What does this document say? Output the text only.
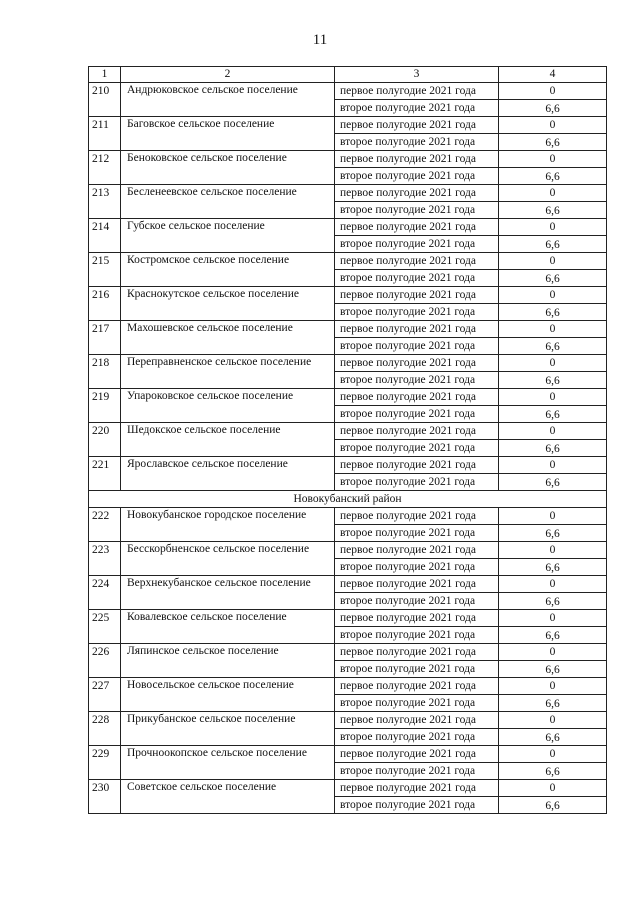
11
1	2	3	4
210	Андрюковское сельское поселение	первое полугодие 2021 года	0
		второе полугодие 2021 года	6,6
211	Баговское сельское поселение	первое полугодие 2021 года	0
		второе полугодие 2021 года	6,6
212	Беноковское сельское поселение	первое полугодие 2021 года	0
		второе полугодие 2021 года	6,6
213	Бесленеевское сельское поселение	первое полугодие 2021 года	0
		второе полугодие 2021 года	6,6
214	Губское сельское поселение	первое полугодие 2021 года	0
		второе полугодие 2021 года	6,6
215	Костромское сельское поселение	первое полугодие 2021 года	0
		второе полугодие 2021 года	6,6
216	Краснокутское сельское поселение	первое полугодие 2021 года	0
		второе полугодие 2021 года	6,6
217	Махошевское сельское поселение	первое полугодие 2021 года	0
		второе полугодие 2021 года	6,6
218	Переправненское сельское поселение	первое полугодие 2021 года	0
		второе полугодие 2021 года	6,6
219	Упароковское сельское поселение	первое полугодие 2021 года	0
		второе полугодие 2021 года	6,6
220	Шедокское сельское поселение	первое полугодие 2021 года	0
		второе полугодие 2021 года	6,6
221	Ярославское сельское поселение	первое полугодие 2021 года	0
		второе полугодие 2021 года	6,6
Новокубанский район			
222	Новокубанское городское поселение	первое полугодие 2021 года	0
		второе полугодие 2021 года	6,6
223	Бесскорбненское сельское поселение	первое полугодие 2021 года	0
		второе полугодие 2021 года	6,6
224	Верхнекубанское сельское поселение	первое полугодие 2021 года	0
		второе полугодие 2021 года	6,6
225	Ковалевское сельское поселение	первое полугодие 2021 года	0
		второе полугодие 2021 года	6,6
226	Ляпинское сельское поселение	первое полугодие 2021 года	0
		второе полугодие 2021 года	6,6
227	Новосельское сельское поселение	первое полугодие 2021 года	0
		второе полугодие 2021 года	6,6
228	Прикубанское сельское поселение	первое полугодие 2021 года	0
		второе полугодие 2021 года	6,6
229	Прочноокопское сельское поселение	первое полугодие 2021 года	0
		второе полугодие 2021 года	6,6
230	Советское сельское поселение	первое полугодие 2021 года	0
		второе полугодие 2021 года	6,6
